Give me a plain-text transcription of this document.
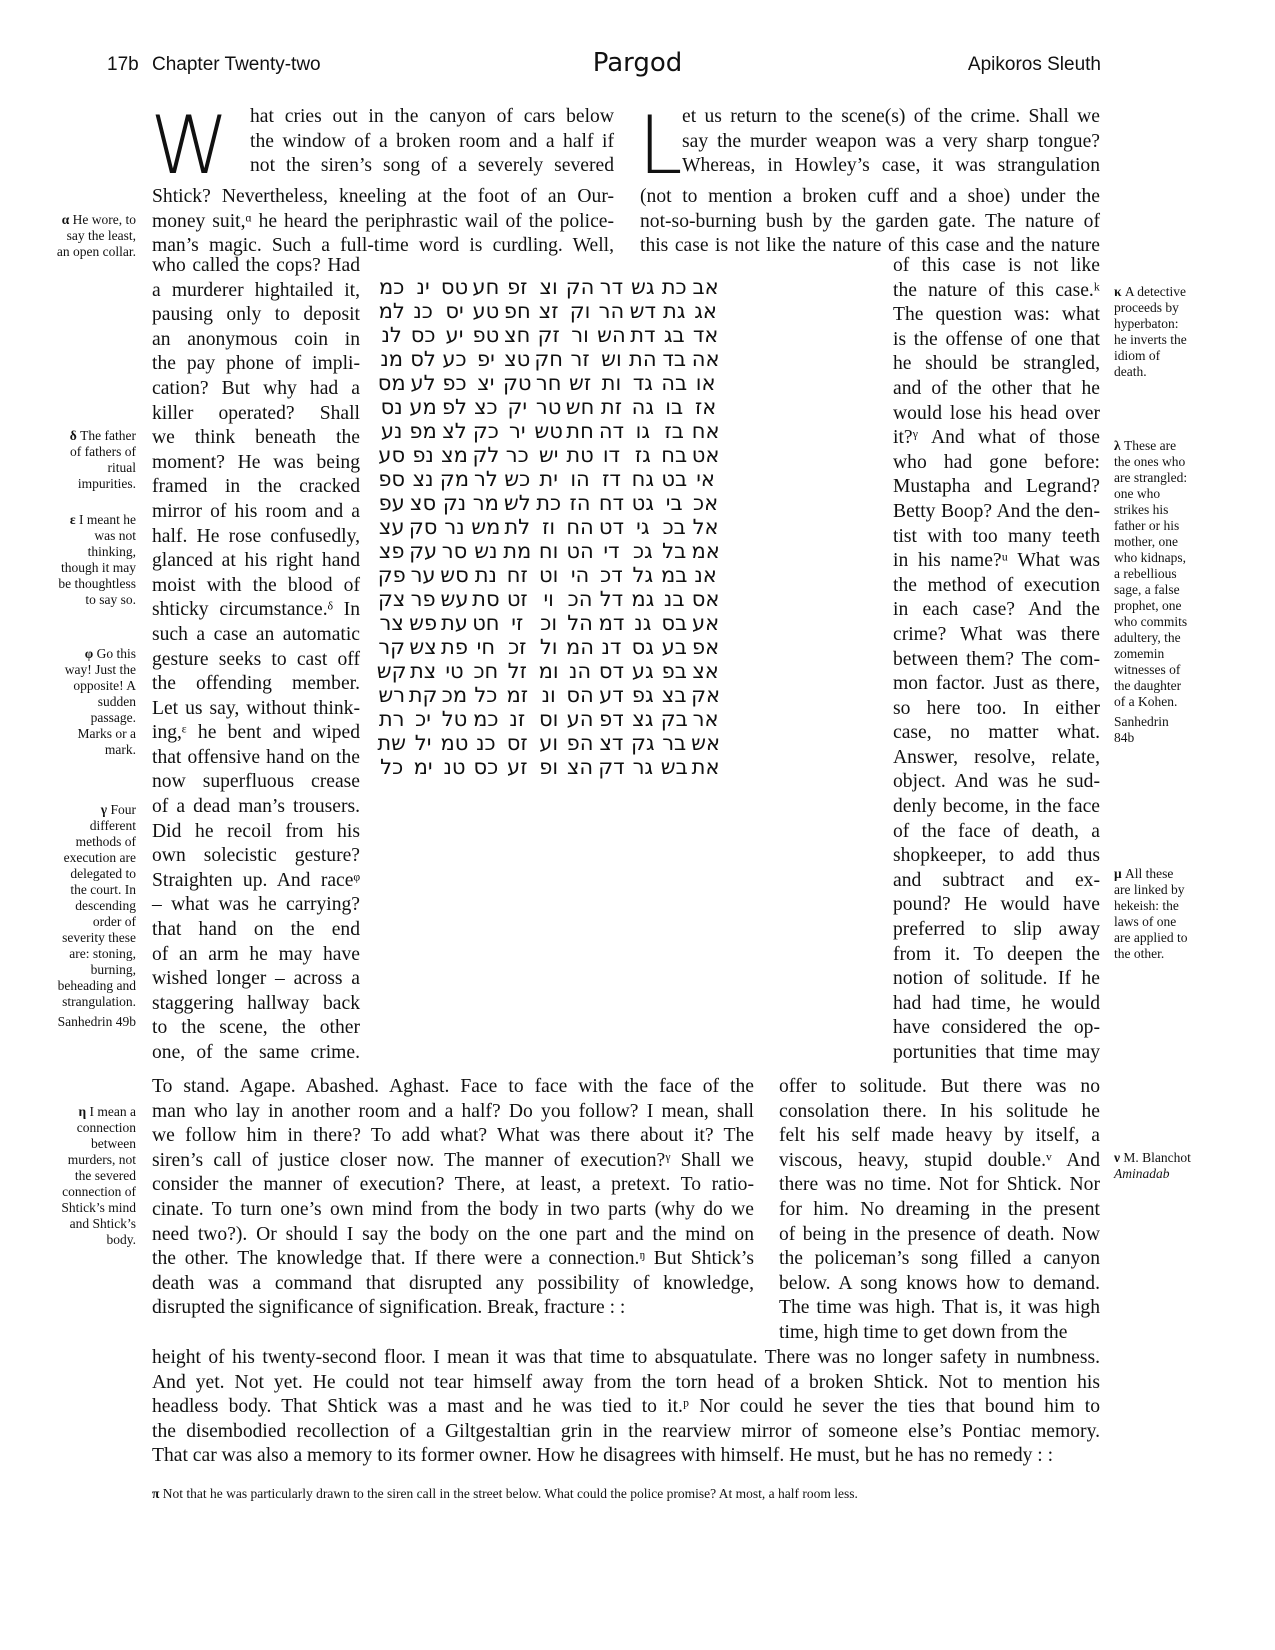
17b Chapter Twenty-two	Pargod	Apikoros Sleuth
α He wore, to say the least, an open collar.
δ The father of fathers of ritual impurities.
ε I meant he was not thinking, though it may be thoughtless to say so.
φ Go this way! Just the opposite! A sudden passage. Marks or a mark.
γ Four different methods of execution are delegated to the court. In descending order of severity these are: stoning, burning, beheading and strangulation.
Sanhedrin 49b
η I mean a connection between murders, not the severed connection of Shtick’s mind and Shtick’s body.
κ A detective proceeds by hyperbaton: he inverts the idiom of death.
λ These are the ones who are strangled: one who strikes his father or his mother, one who kidnaps, a rebellious sage, a false prophet, one who commits adultery, the zomemin witnesses of the daughter of a Kohen.
Sanhedrin 84b
μ All these are linked by hekeish: the laws of one are applied to the other.
ν M. Blanchot
Aminadab
W	hat cries out in the canyon of cars below

the window of a broken room and a half if

not the siren’s song of a severely severed

Shtick? Nevertheless, kneeling at the foot of an Our-

money suit,ᵅ he heard the periphrastic wail of the police-

man’s magic. Such a full-time word is curdling. Well,

L et us return to the scene(s) of the crime. Shall we

say the murder weapon was a very sharp tongue?

Whereas, in Howley’s case, it was strangulation

(not to mention a broken cuff and a shoe) under the

not-so-burning bush by the garden gate. The nature of

this case is not like the nature of this case and the nature

who called the cops? Had

a murderer hightailed it,

pausing only to deposit

an anonymous coin in

the pay phone of impli-

cation? But why had a

killer operated? Shall

we think beneath the

moment? He was being

framed in the cracked

mirror of his room and a

half. He rose confusedly,

glanced at his right hand

moist with the blood of

shticky circumstance.ᵟ In

such a case an automatic

gesture seeks to cast off

the offending member.

Let us say, without think-

ing,ᵋ he bent and wiped

that offensive hand on the

now superfluous crease

of a dead man’s trousers.

Did he recoil from his

own solecistic gesture?

Straighten up. And raceᵠ

– what was he carrying?

that hand on the end

of an arm he may have

wished longer – across a

staggering hallway back

to the scene, the other

one, of the same crime.

of this case is not like

the nature of this case.ᵏ

The question was: what

is the offense of one that

he should be strangled,

and of the other that he

would lose his head over

it?ᵞ And what of those

who had gone before:

Mustapha and Legrand?

Betty Boop? And the den-

tist with too many teeth

in his name?ᵘ What was

the method of execution

in each case? And the

crime? What was there

between them? The com-

mon factor. Just as there,

so here too. In either

case, no matter what.

Answer, resolve, relate,

object. And was he sud-

denly become, in the face

of the face of death, a

shopkeeper, to add thus

and subtract and ex-

pound? He would have

preferred to slip away

from it. To deepen the

notion of solitude. If he

had had time, he would

have considered the op-

portunities that time may

אב	כת	גש	דר	הק	וצ	זפ	חע	טס	ינ	כמ
אג	גת	דש	הר	וק	זצ	חפ	טע	יס	כנ	למ
אד	בג	דת	הש	ור	זק	חצ	טפ	יע	כס	לנ
אה	בד	הת	וש	זר	חק	טצ	יפ	כע	לס	מנ
או	בה	גד	ות	זש	חר	טק	יצ	כפ	לע	מס
אז	בו	גה	זת	חש	טר	יק	כצ	לפ	מע	נס
אח	בז	גו	דה	חת	טש	יר	כק	לצ	מפ	נע
אט	בח	גז	דו	טת	יש	כר	לק	מצ	נפ	סע
אי	בט	גח	דז	הו	ית	כש	לר	מק	נצ	ספ
אכ	בי	גט	דח	הז	כת	לש	מר	נק	סצ	עפ
אל	בכ	גי	דט	הח	וז	לת	מש	נר	סק	עצ
אמ	בל	גכ	די	הט	וח	מת	נש	סר	עק	פצ
אנ	במ	גל	דכ	הי	וט	זח	נת	סש	ער	פק
אס	בנ	גמ	דל	הכ	וי	זט	סת	עש	פר	צק
אע	בס	גנ	דמ	הל	וכ	זי	חט	עת	פש	צר
אפ	בע	גס	דנ	המ	ול	זכ	חי	פת	צש	קר
אצ	בפ	גע	דס	הנ	ומ	זל	חכ	טי	צת	קש
אק	בצ	גפ	דע	הס	ונ	זמ	כל	מכ	קת	רש
אר	בק	גצ	דפ	הע	וס	זנ	כמ	טל	יכ	רת
אש	בר	גק	דצ	הפ	וע	זס	כנ	טמ	יל	שת
את	בש	גר	דק	הצ	ופ	זע	כס	טנ	ימ	כל

To stand. Agape. Abashed. Aghast. Face to face with the face of the

man who lay in another room and a half? Do you follow? I mean, shall

we follow him in there? To add what? What was there about it? The

siren’s call of justice closer now. The manner of execution?ᵞ Shall we

consider the manner of execution? There, at least, a pretext. To ratio-

cinate. To turn one’s own mind from the body in two parts (why do we

need two?). Or should I say the body on the one part and the mind on

the other. The knowledge that. If there were a connection.ᵑ But Shtick’s

death was a command that disrupted any possibility of knowledge,

disrupted the significance of signification. Break, fracture : :

offer to solitude. But there was no

consolation there. In his solitude he

felt his self made heavy by itself, a

viscous, heavy, stupid double.ᵛ And

there was no time. Not for Shtick. Nor

for him. No dreaming in the present

of being in the presence of death. Now

the policeman’s song filled a canyon

below. A song knows how to demand.

The time was high. That is, it was high

time, high time to get down from the

height of his twenty-second floor. I mean it was that time to absquatulate. There was no longer safety in numbness.

And yet. Not yet. He could not tear himself away from the torn head of a broken Shtick. Not to mention his

headless body. That Shtick was a mast and he was tied to it.ᵖ Nor could he sever the ties that bound him to

the disembodied recollection of a Giltgestaltian grin in the rearview mirror of someone else’s Pontiac memory.

That car was also a memory to its former owner. How he disagrees with himself. He must, but he has no remedy : :

π Not that he was particularly drawn to the siren call in the street below. What could the police promise? At most, a half room less.
